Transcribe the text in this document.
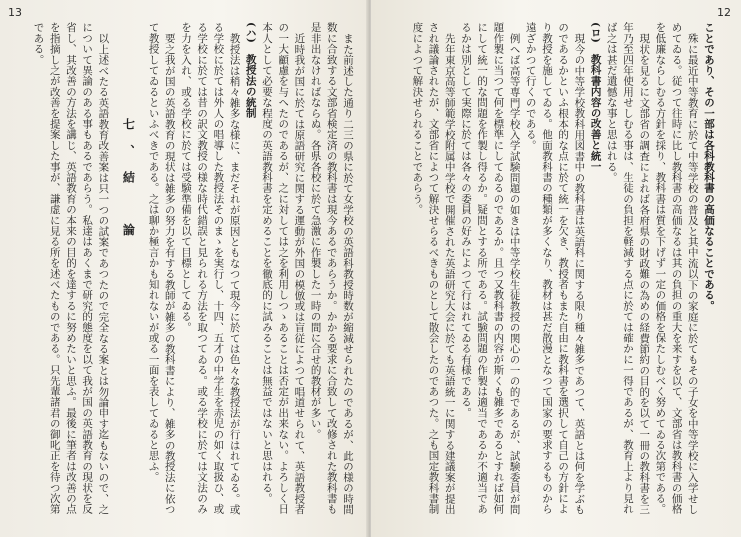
13

また前述した通り二三の県に於て女学校の英語科教授時数が縮減せられたのであるが、此の様の時間数に合致する文部省検定済の教科書は現今あるであらうか。かかる要求に合致して改修された教科書も是非出なければならぬ。各県各校に於て急激に作製した一時の間に合せ的教材が多い。

近時我が国に於ては原語研究に関する運動が外国の模倣或は盲従によつて唱道せられて、英語教授者の一大顧慮を与へたのであるが、之に対しては之を利用しつゝあることは否定が出来ない。よろしく日本人として必要な程度の英語教科書を定めることを徹底的に試みることは無益ではないと思はれる。

(ハ)　教授法の統制

教授法は稍々雑多な様に、まだそれが原因ともなつて現今に於ては色々な教授法が行はれてゐる。或る学校に於ては外人の唱導した教授法そのまゝを実行し、十四、五才の中学生を赤児の如く取扱ひ、或る学校に於ては昔の訳文教授の様な時代錯誤と見られる方法を取つてゐる。或る学校に於ては文法のみを力を入れ、或る学校に於ては受験準備を以て目標としてゐる。

要之我が国の英語教育の現状は雑多の努力を有する教師が雑多の教科書により、雑多の教授法に依つて教授してゐるといふべきである。之は聊か極言かも知れないが或る一面を表してゐると思ふ。

七、結　論

以上述べたる英語教育改善案は只一つの試案であつたので完全なる案とは勿論申す迄もないので、之について異論のある事もあるであらう。私達はあくまで研究的態度を以て我が国の英語教育の現状を反省し、其改善の方法を講じ、英語教育の本来の目的を達するに努めたいと思ふ。最後に筆者は改善の点を指摘し之が改善を提案した事が、謙虚に見る所を述べたものである。只先輩諸君の御叱正を待つ次第である。

12

ことであり、その一部は各科教科書の高価なることである。

殊に最近中等教育に於て中等学校の普及と其中流以下の家庭に於てもその子女を中等学校に入学せしめてゐる。従つて往時に比し教科書の高価なるは其の負担の重大を来すを以て、文部省は教科書の価格を低廉ならしむる方針を採り、教科書は質を下げず一定の価格を保たしむべく努めてゐる次第である。

現状を見るに文部省の調査によれば各府県の財政難の為めの経費節約の目的を以て一冊の教科書を三年乃至四年使用せしむる事は、生徒の負担を軽減する点に於ては確かに一得であるが、教育上より見れば之は甚だ遺憾な事と思はれる。

(ロ)　教科書内容の改善と統一

現今の中等学校教科用図書中の教科書は英語科に関する限り種々雑多であつて、英語とは何を学ぶものであるかといふ根本的な点に於て統一を欠き、教授者もまた自由に教科書を選択して自己の方針により教授を施してゐる。他面教科書の種類が多くなり、教材は甚だ散漫となつて国家の要求するものから遠ざかつて行くのである。

例へば高等専門学校入学試験問題の如きは中等学校生徒教授の関心の一の的であるが、試験委員が問題作製に当つて何を標準にしてゐるのであるか。且つ又教科書の内容が斯くも雑多であるとすれば如何にして統一的な問題を作製し得るか。疑問とする所である。試験問題の作製は適当であるか不適当であるかは別として実際に於ては各々の委員の好みによつて行はれてゐる有様である。

先年東京高等師範学校附属中学校で開催された英語研究大会に於ても英語統一に関する建議案が提出され議論されたが、文部省によつて解決せらるべきものとして散会したのであつた。之も国定教科書制度によつて解決せられることであらう。
